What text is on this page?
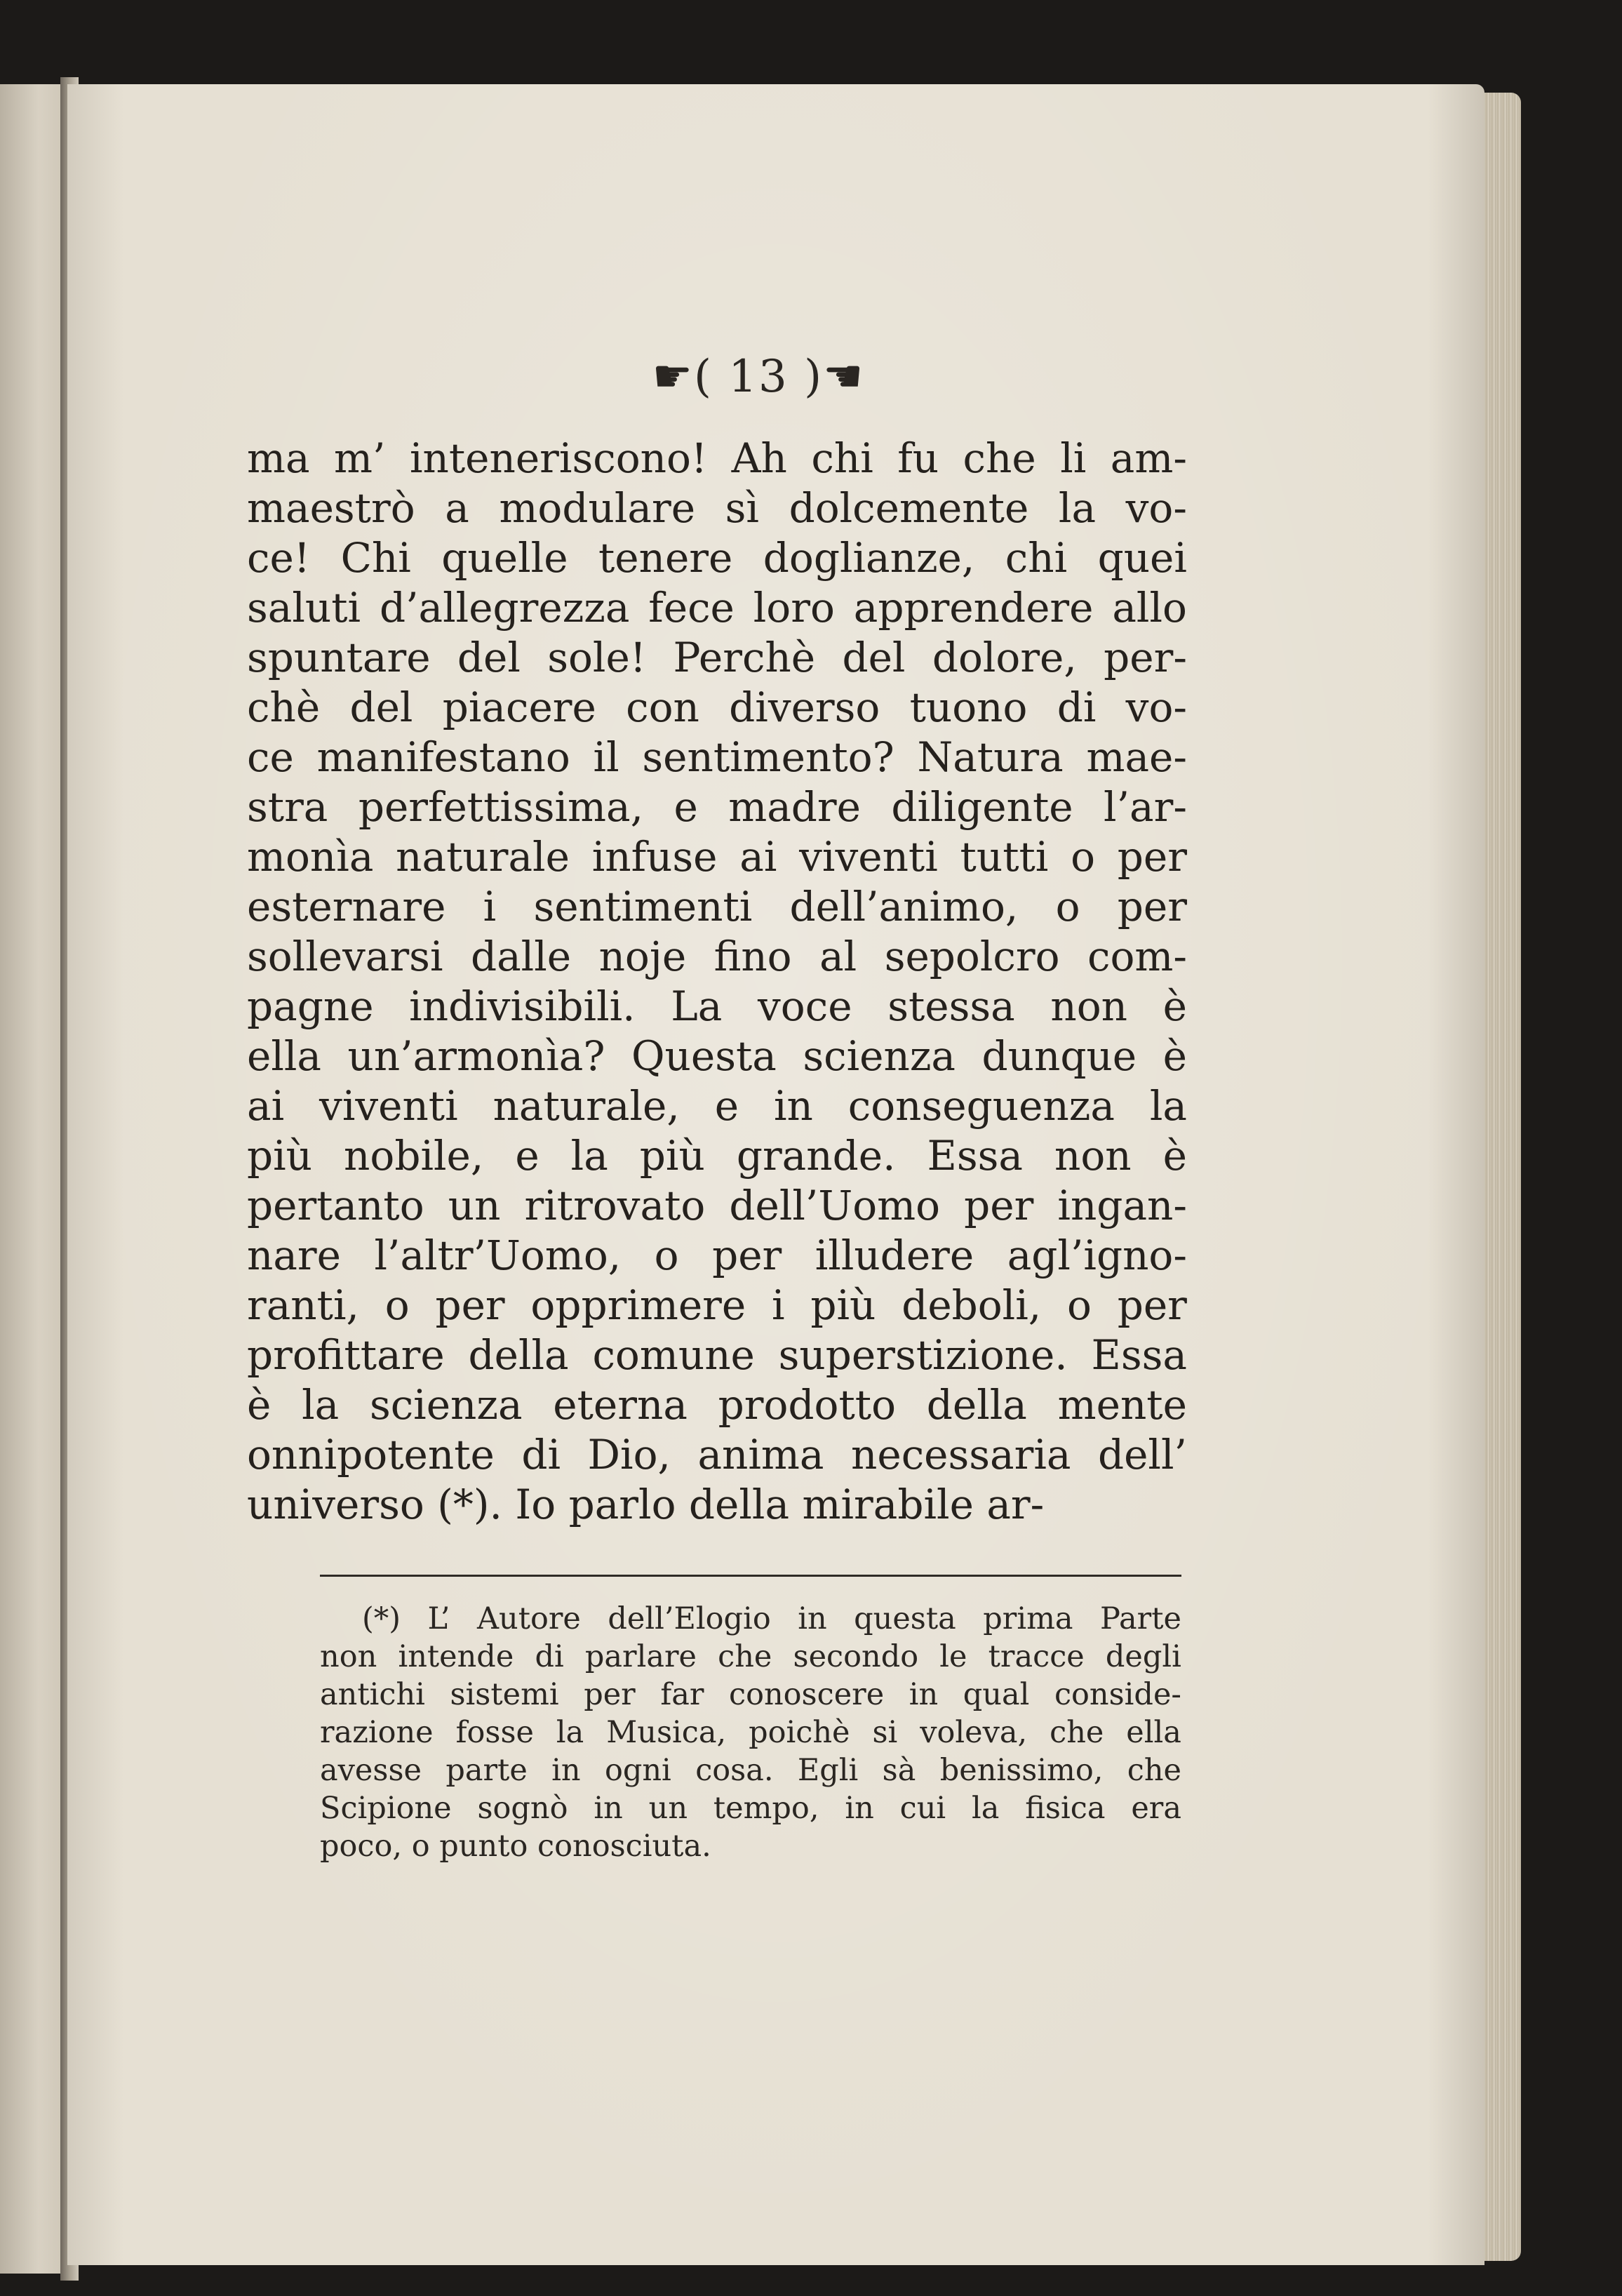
☛( 13 )☚
ma m’ inteneriscono! Ah chi fu che li am-
maestrò a modulare sì dolcemente la vo-
ce! Chi quelle tenere doglianze, chi quei
saluti d’allegrezza fece loro apprendere allo
spuntare del sole! Perchè del dolore, per-
chè del piacere con diverso tuono di vo-
ce manifestano il sentimento? Natura mae-
stra perfettissima, e madre diligente l’ar-
monìa naturale infuse ai viventi tutti o per
esternare i sentimenti dell’animo, o per
sollevarsi dalle noje fino al sepolcro com-
pagne indivisibili. La voce stessa non è
ella un’armonìa? Questa scienza dunque è
ai viventi naturale, e in conseguenza la
più nobile, e la più grande. Essa non è
pertanto un ritrovato dell’Uomo per ingan-
nare l’altr’Uomo, o per illudere agl’igno-
ranti, o per opprimere i più deboli, o per
profittare della comune superstizione. Essa
è la scienza eterna prodotto della mente
onnipotente di Dio, anima necessaria dell’
universo (*). Io parlo della mirabile ar-
(*) L’ Autore dell’Elogio in questa prima Parte
non intende di parlare che secondo le tracce degli
antichi sistemi per far conoscere in qual conside-
razione fosse la Musica, poichè si voleva, che ella
avesse parte in ogni cosa. Egli sà benissimo, che
Scipione sognò in un tempo, in cui la fisica era
poco, o punto conosciuta.
